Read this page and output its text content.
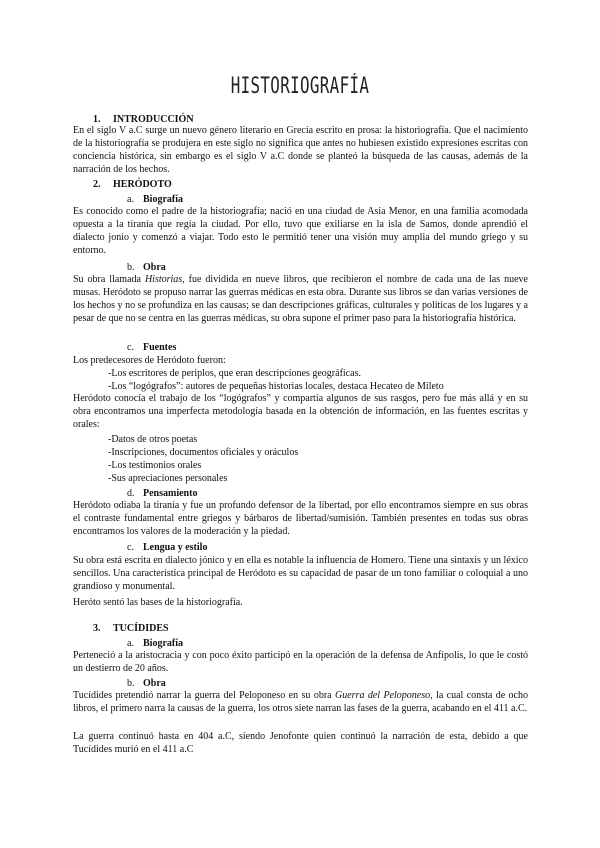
HISTORIOGRAFÍA
1. INTRODUCCIÓN
En el siglo V a.C surge un nuevo género literario en Grecia escrito en prosa: la historiografía. Que el nacimiento de la historiografía se produjera en este siglo no significa que antes no hubiesen existido expresiones escritas con conciencia histórica, sin embargo es el siglo V a.C donde se planteó la búsqueda de las causas, además de la narración de los hechos.
2. HERÓDOTO
a. Biografía
Es conocido como el padre de la historiografía; nació en una ciudad de Asia Menor, en una familia acomodada opuesta a la tiranía que regía la ciudad. Por ello, tuvo que exiliarse en la isla de Samos, donde aprendió el dialecto jonio y comenzó a viajar. Todo esto le permitió tener una visión muy amplia del mundo griego y su entorno.
b. Obra
Su obra llamada Historias, fue dividida en nueve libros, que recibieron el nombre de cada una de las nueve musas. Heródoto se propuso narrar las guerras médicas en esta obra. Durante sus libros se dan varias versiones de los hechos y no se profundiza en las causas; se dan descripciones gráficas, culturales y políticas de los lugares y a pesar de que no se centra en las guerras médicas, su obra supone el primer paso para la historiografía histórica.
c. Fuentes
Los predecesores de Heródoto fueron:
-Los escritores de periplos, que eran descripciones geográficas.
-Los “logógrafos”: autores de pequeñas historias locales, destaca Hecateo de Mileto
Heródoto conocía el trabajo de los “logógrafos” y compartía algunos de sus rasgos, pero fue más allá y en su obra encontramos una imperfecta metodología basada en la obtención de información, en las fuentes escritas y orales:
-Datos de otros poetas
-Inscripciones, documentos oficiales y oráculos
-Los testimonios orales
-Sus apreciaciones personales
d. Pensamiento
Heródoto odiaba la tiranía y fue un profundo defensor de la libertad, por ello encontramos siempre en sus obras el contraste fundamental entre griegos y bárbaros de libertad/sumisión. También presentes en todas sus obras encontramos los valores de la moderación y la piedad.
c. Lengua y estilo
Su obra está escrita en dialecto jónico y en ella es notable la influencia de Homero. Tiene una sintaxis y un léxico sencillos. Una característica principal de Heródoto es su capacidad de pasar de un tono familiar o coloquial a uno grandioso y monumental.
Heróto sentó las bases de la historiografía.
3. TUCÍDIDES
a. Biografía
Perteneció a la aristocracia y con poco éxito participó en la operación de la defensa de Anfípolis, lo que le costó un destierro de 20 años.
b. Obra
Tucídides pretendió narrar la guerra del Peloponeso en su obra Guerra del Peloponeso, la cual consta de ocho libros, el primero narra la causas de la guerra, los otros siete narran las fases de la guerra, acabando en el 411 a.C.
La guerra continuó hasta en 404 a.C, siendo Jenofonte quien continuó la narración de esta, debido a que Tucídides murió en el 411 a.C
